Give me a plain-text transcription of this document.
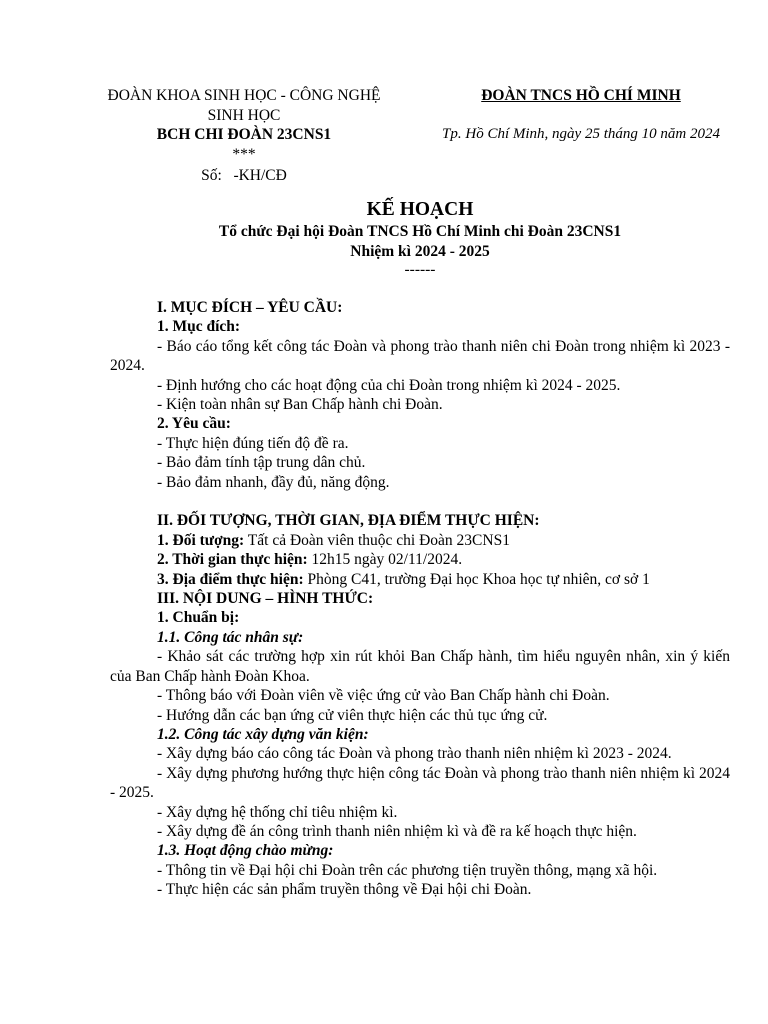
ĐOÀN KHOA SINH HỌC - CÔNG NGHỆ
SINH HỌC
BCH CHI ĐOÀN 23CNS1
***
Số: -KH/CĐ
ĐOÀN TNCS HỒ CHÍ MINH
Tp. Hồ Chí Minh, ngày 25 tháng 10 năm 2024
KẾ HOẠCH
Tổ chức Đại hội Đoàn TNCS Hồ Chí Minh chi Đoàn 23CNS1
Nhiệm kì 2024 - 2025
------

I. MỤC ĐÍCH – YÊU CẦU:

1. Mục đích:

- Báo cáo tổng kết công tác Đoàn và phong trào thanh niên chi Đoàn trong nhiệm kì 2023 - 2024.

- Định hướng cho các hoạt động của chi Đoàn trong nhiệm kì 2024 - 2025.

- Kiện toàn nhân sự Ban Chấp hành chi Đoàn.

2. Yêu cầu:

- Thực hiện đúng tiến độ đề ra.

- Bảo đảm tính tập trung dân chủ.

- Bảo đảm nhanh, đầy đủ, năng động.

II. ĐỐI TƯỢNG, THỜI GIAN, ĐỊA ĐIỂM THỰC HIỆN:

1. Đối tượng: Tất cả Đoàn viên thuộc chi Đoàn 23CNS1

2. Thời gian thực hiện: 12h15 ngày 02/11/2024.

3. Địa điểm thực hiện: Phòng C41, trường Đại học Khoa học tự nhiên, cơ sở 1

III. NỘI DUNG – HÌNH THỨC:

1. Chuẩn bị:

1.1. Công tác nhân sự:

- Khảo sát các trường hợp xin rút khỏi Ban Chấp hành, tìm hiểu nguyên nhân, xin ý kiến của Ban Chấp hành Đoàn Khoa.

- Thông báo với Đoàn viên về việc ứng cử vào Ban Chấp hành chi Đoàn.

- Hướng dẫn các bạn ứng cử viên thực hiện các thủ tục ứng cử.

1.2. Công tác xây dựng văn kiện:

- Xây dựng báo cáo công tác Đoàn và phong trào thanh niên nhiệm kì 2023 - 2024.

- Xây dựng phương hướng thực hiện công tác Đoàn và phong trào thanh niên nhiệm kì 2024 - 2025.

- Xây dựng hệ thống chỉ tiêu nhiệm kì.

- Xây dựng đề án công trình thanh niên nhiệm kì và đề ra kế hoạch thực hiện.

1.3. Hoạt động chào mừng:

- Thông tin về Đại hội chi Đoàn trên các phương tiện truyền thông, mạng xã hội.

- Thực hiện các sản phẩm truyền thông về Đại hội chi Đoàn.
